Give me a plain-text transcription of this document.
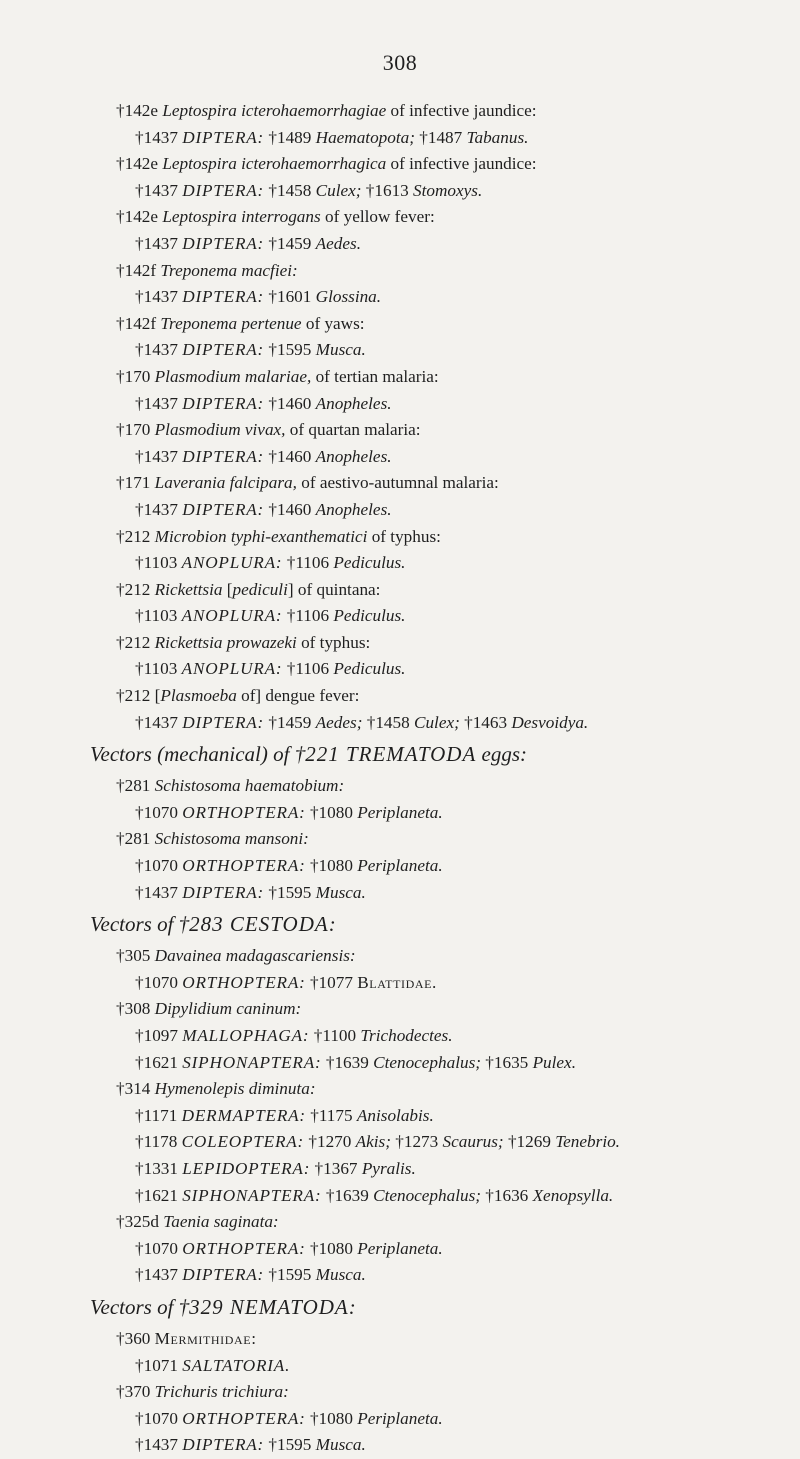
308
†142e Leptospira icterohaemorrhagiae of infective jaundice:
†1437 DIPTERA: †1489 Haematopota; †1487 Tabanus.
†142e Leptospira icterohaemorrhagica of infective jaundice:
†1437 DIPTERA: †1458 Culex; †1613 Stomoxys.
†142e Leptospira interrogans of yellow fever:
†1437 DIPTERA: †1459 Aedes.
†142f Treponema macfiei:
†1437 DIPTERA: †1601 Glossina.
†142f Treponema pertenue of yaws:
†1437 DIPTERA: †1595 Musca.
†170 Plasmodium malariae, of tertian malaria:
†1437 DIPTERA: †1460 Anopheles.
†170 Plasmodium vivax, of quartan malaria:
†1437 DIPTERA: †1460 Anopheles.
†171 Laverania falcipara, of aestivo-autumnal malaria:
†1437 DIPTERA: †1460 Anopheles.
†212 Microbion typhi-exanthematici of typhus:
†1103 ANOPLURA: †1106 Pediculus.
†212 Rickettsia [pediculi] of quintana:
†1103 ANOPLURA: †1106 Pediculus.
†212 Rickettsia prowazeki of typhus:
†1103 ANOPLURA: †1106 Pediculus.
†212 [Plasmoeba of] dengue fever:
†1437 DIPTERA: †1459 Aedes; †1458 Culex; †1463 Desvoidya.
Vectors (mechanical) of †221 TREMATODA eggs:
†281 Schistosoma haematobium:
†1070 ORTHOPTERA: †1080 Periplaneta.
†281 Schistosoma mansoni:
†1070 ORTHOPTERA: †1080 Periplaneta.
†1437 DIPTERA: †1595 Musca.
Vectors of †283 CESTODA:
†305 Davainea madagascariensis:
†1070 ORTHOPTERA: †1077 Blattidae.
†308 Dipylidium caninum:
†1097 MALLOPHAGA: †1100 Trichodectes.
†1621 SIPHONAPTERA: †1639 Ctenocephalus; †1635 Pulex.
†314 Hymenolepis diminuta:
†1171 DERMAPTERA: †1175 Anisolabis.
†1178 COLEOPTERA: †1270 Akis; †1273 Scaurus; †1269 Tenebrio.
†1331 LEPIDOPTERA: †1367 Pyralis.
†1621 SIPHONAPTERA: †1639 Ctenocephalus; †1636 Xenopsylla.
†325d Taenia saginata:
†1070 ORTHOPTERA: †1080 Periplaneta.
†1437 DIPTERA: †1595 Musca.
Vectors of †329 NEMATODA:
†360 Mermithidae:
†1071 SALTATORIA.
†370 Trichuris trichiura:
†1070 ORTHOPTERA: †1080 Periplaneta.
†1437 DIPTERA: †1595 Musca.
